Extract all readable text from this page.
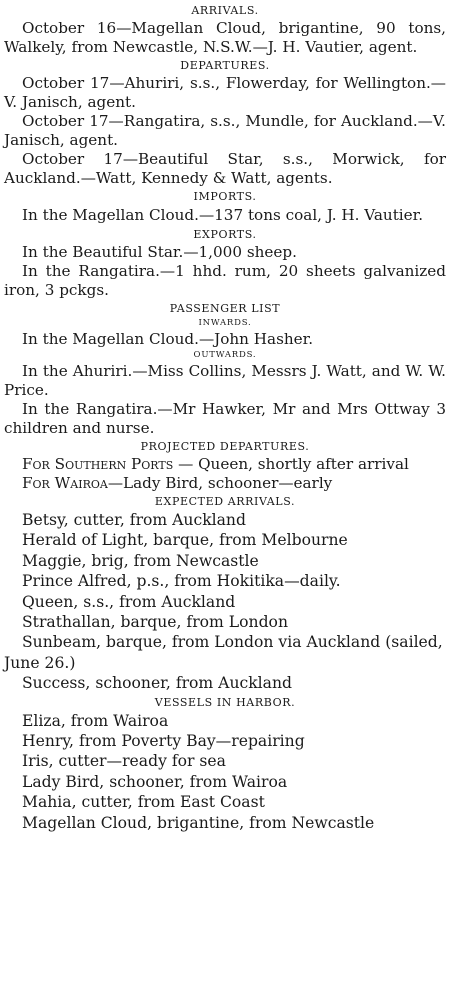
ARRIVALS.

October 16—Magellan Cloud, brigantine, 90 tons, Walkely, from Newcastle, N.S.W.—J. H. Vautier, agent.

DEPARTURES.

October 17—Ahuriri, s.s., Flowerday, for Wellington.—V. Janisch, agent.

October 17—Rangatira, s.s., Mundle, for Auckland.—V. Janisch, agent.

October 17—Beautiful Star, s.s., Morwick, for Auckland.—Watt, Kennedy & Watt, agents.

IMPORTS.

In the Magellan Cloud.—137 tons coal, J. H. Vautier.

EXPORTS.

In the Beautiful Star.—1,000 sheep.

In the Rangatira.—1 hhd. rum, 20 sheets galvanized iron, 3 pckgs.

PASSENGER LIST
INWARDS.

In the Magellan Cloud.—John Hasher.

OUTWARDS.

In the Ahuriri.—Miss Collins, Messrs J. Watt, and W. W. Price.

In the Rangatira.—Mr Hawker, Mr and Mrs Ottway 3 children and nurse.

PROJECTED DEPARTURES.

For Southern Ports — Queen, shortly after arrival

For Wairoa—Lady Bird, schooner—early

EXPECTED ARRIVALS.
Betsy, cutter, from Auckland
Herald of Light, barque, from Melbourne
Maggie, brig, from Newcastle
Prince Alfred, p.s., from Hokitika—daily.
Queen, s.s., from Auckland
Strathallan, barque, from London
Sunbeam, barque, from London via Auckland (sailed, June 26.)
Success, schooner, from Auckland
VESSELS IN HARBOR.
Eliza, from Wairoa
Henry, from Poverty Bay—repairing
Iris, cutter—ready for sea
Lady Bird, schooner, from Wairoa
Mahia, cutter, from East Coast
Magellan Cloud, brigantine, from Newcastle
